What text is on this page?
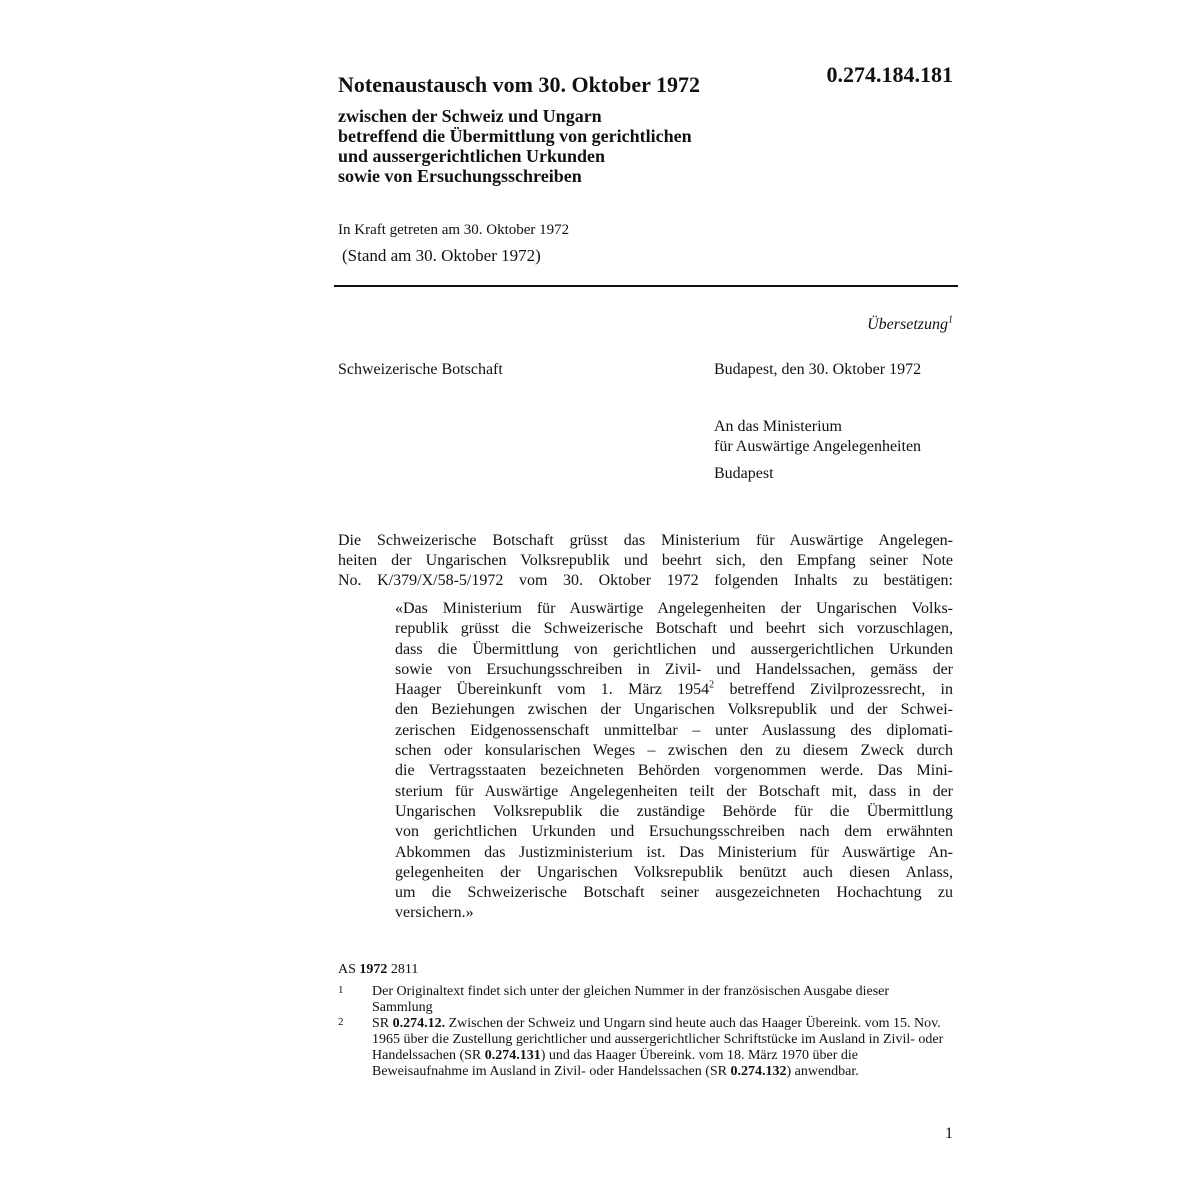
Notenaustausch vom 30. Oktober 1972	0.274.184.181
zwischen der Schweiz und Ungarn
betreffend die Übermittlung von gerichtlichen
und aussergerichtlichen Urkunden
sowie von Ersuchungsschreiben
In Kraft getreten am 30. Oktober 1972
(Stand am 30. Oktober 1972)
Übersetzung$^1$
Schweizerische Botschaft	Budapest, den 30. Oktober 1972
An das Ministerium
für Auswärtige Angelegenheiten
Budapest
Die Schweizerische Botschaft grüsst das Ministerium für Auswärtige Angelegen-
heiten der Ungarischen Volksrepublik und beehrt sich, den Empfang seiner Note
No. K/379/X/58-5/1972 vom 30. Oktober 1972 folgenden Inhalts zu bestätigen:
«Das Ministerium für Auswärtige Angelegenheiten der Ungarischen Volks-
republik grüsst die Schweizerische Botschaft und beehrt sich vorzuschlagen,
dass die Übermittlung von gerichtlichen und aussergerichtlichen Urkunden
sowie von Ersuchungsschreiben in Zivil- und Handelssachen, gemäss der
Haager Übereinkunft vom 1. März 1954$^2$ betreffend Zivilprozessrecht, in
den Beziehungen zwischen der Ungarischen Volksrepublik und der Schwei-
zerischen Eidgenossenschaft unmittelbar – unter Auslassung des diplomati-
schen oder konsularischen Weges – zwischen den zu diesem Zweck durch
die Vertragsstaaten bezeichneten Behörden vorgenommen werde. Das Mini-
sterium für Auswärtige Angelegenheiten teilt der Botschaft mit, dass in der
Ungarischen Volksrepublik die zuständige Behörde für die Übermittlung
von gerichtlichen Urkunden und Ersuchungsschreiben nach dem erwähnten
Abkommen das Justizministerium ist. Das Ministerium für Auswärtige An-
gelegenheiten der Ungarischen Volksrepublik benützt auch diesen Anlass,
um die Schweizerische Botschaft seiner ausgezeichneten Hochachtung zu
versichern.»
AS 1972 2811
1 Der Originaltext findet sich unter der gleichen Nummer in der französischen Ausgabe dieser Sammlung
2 SR 0.274.12. Zwischen der Schweiz und Ungarn sind heute auch das Haager Übereink. vom 15. Nov. 1965 über die Zustellung gerichtlicher und aussergerichtlicher Schriftstücke im Ausland in Zivil- oder Handelssachen (SR 0.274.131) und das Haager Übereink. vom 18. März 1970 über die Beweisaufnahme im Ausland in Zivil- oder Handelssachen (SR 0.274.132) anwendbar.
1
